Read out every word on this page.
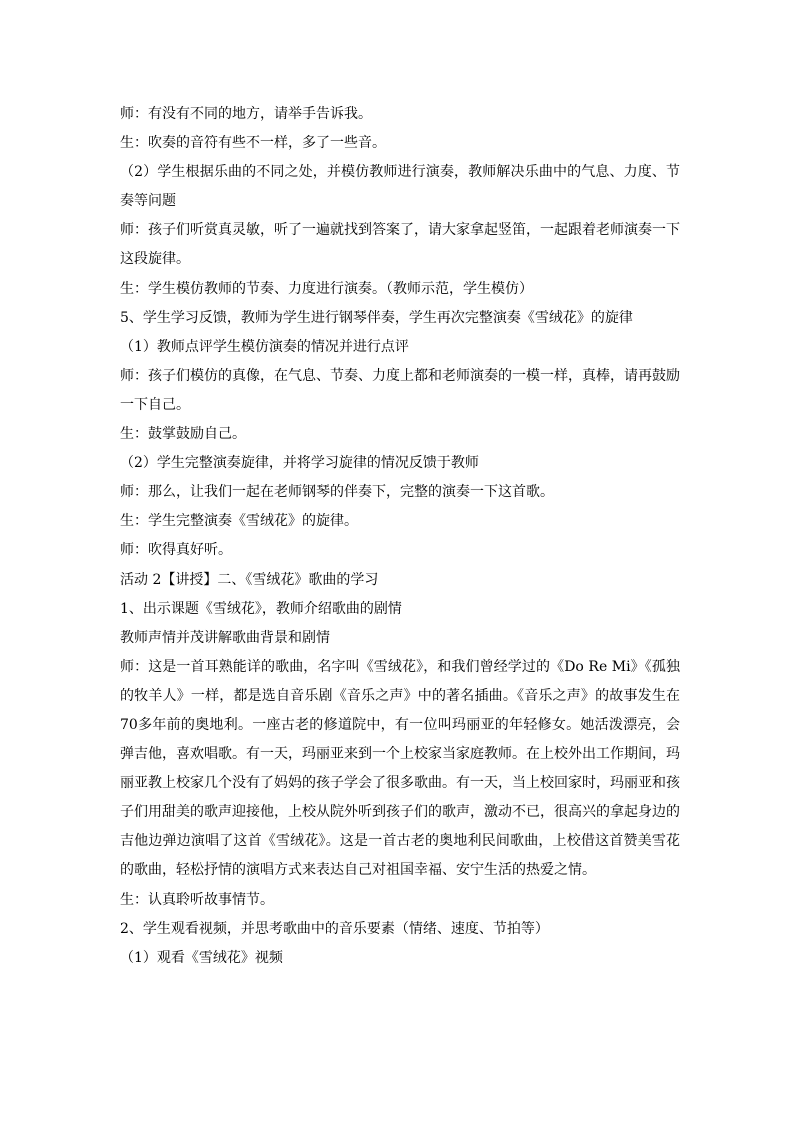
师：有没有不同的地方，请举手告诉我。

生：吹奏的音符有些不一样，多了一些音。

（2）学生根据乐曲的不同之处，并模仿教师进行演奏，教师解决乐曲中的气息、力度、节奏等问题

师：孩子们听赏真灵敏，听了一遍就找到答案了，请大家拿起竖笛，一起跟着老师演奏一下这段旋律。

生：学生模仿教师的节奏、力度进行演奏。（教师示范，学生模仿）

5、学生学习反馈，教师为学生进行钢琴伴奏，学生再次完整演奏《雪绒花》的旋律

（1）教师点评学生模仿演奏的情况并进行点评

师：孩子们模仿的真像，在气息、节奏、力度上都和老师演奏的一模一样，真棒，请再鼓励一下自己。

生：鼓掌鼓励自己。

（2）学生完整演奏旋律，并将学习旋律的情况反馈于教师

师：那么，让我们一起在老师钢琴的伴奏下，完整的演奏一下这首歌。

生：学生完整演奏《雪绒花》的旋律。

师：吹得真好听。

活动 2【讲授】二、《雪绒花》歌曲的学习

1、出示课题《雪绒花》，教师介绍歌曲的剧情

教师声情并茂讲解歌曲背景和剧情

师：这是一首耳熟能详的歌曲，名字叫《雪绒花》，和我们曾经学过的《Do Re Mi》《孤独的牧羊人》一样，都是选自音乐剧《音乐之声》中的著名插曲。《音乐之声》的故事发生在70多年前的奥地利。一座古老的修道院中，有一位叫玛丽亚的年轻修女。她活泼漂亮，会弹吉他，喜欢唱歌。有一天，玛丽亚来到一个上校家当家庭教师。在上校外出工作期间，玛丽亚教上校家几个没有了妈妈的孩子学会了很多歌曲。有一天，当上校回家时，玛丽亚和孩子们用甜美的歌声迎接他，上校从院外听到孩子们的歌声，激动不已，很高兴的拿起身边的吉他边弹边演唱了这首《雪绒花》。这是一首古老的奥地利民间歌曲，上校借这首赞美雪花的歌曲，轻松抒情的演唱方式来表达自己对祖国幸福、安宁生活的热爱之情。

生：认真聆听故事情节。

2、学生观看视频，并思考歌曲中的音乐要素（情绪、速度、节拍等）

（1）观看《雪绒花》视频
